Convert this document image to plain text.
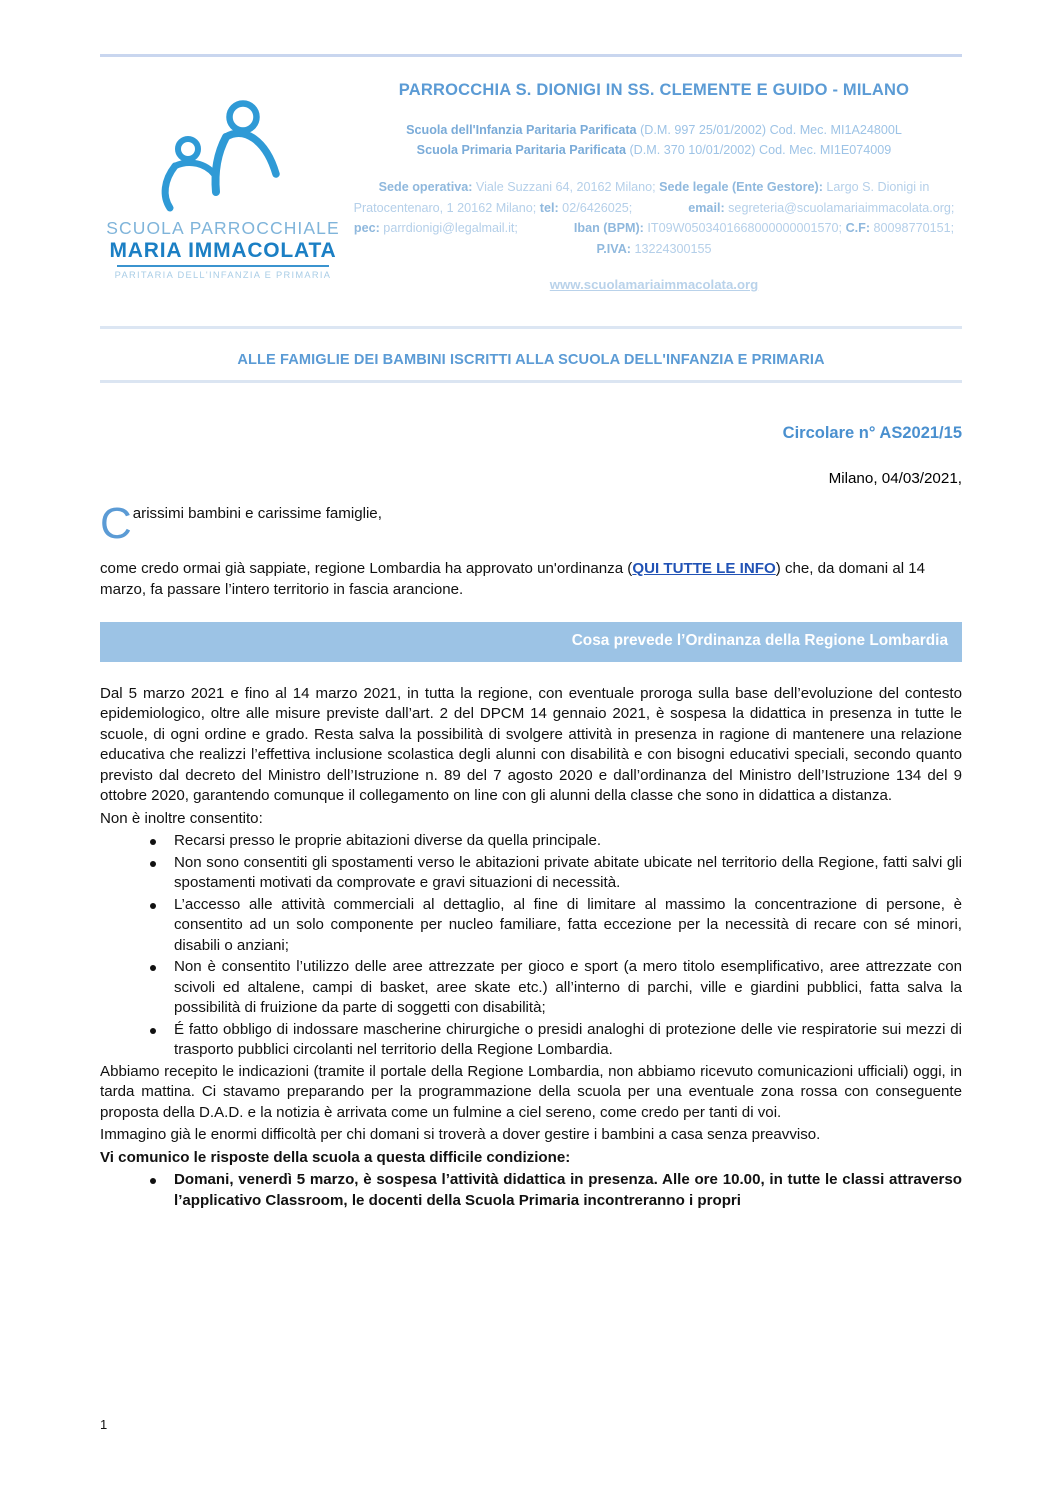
SCUOLA PARROCCHIALE
MARIA IMMACOLATA
PARITARIA DELL'INFANZIA E PRIMARIA
PARROCCHIA S. DIONIGI IN SS. CLEMENTE E GUIDO - MILANO
Scuola dell'Infanzia Paritaria Parificata (D.M. 997 25/01/2002) Cod. Mec. MI1A24800L
Scuola Primaria Paritaria Parificata (D.M. 370 10/01/2002) Cod. Mec. MI1E074009
Sede operativa: Viale Suzzani 64, 20162 Milano; Sede legale (Ente Gestore): Largo S. Dionigi in Pratocentenaro, 1 20162 Milano; tel: 02/6426025;	email: segreteria@scuolamariaimmacolata.org; pec: parrdionigi@legalmail.it;	Iban (BPM): IT09W0503401668000000001570; C.F: 80098770151; P.IVA: 13224300155
www.scuolamariaimmacolata.org
ALLE FAMIGLIE DEI BAMBINI ISCRITTI ALLA SCUOLA DELL'INFANZIA E PRIMARIA
Circolare n° AS2021/15
Milano, 04/03/2021,
Carissimi bambini e carissime famiglie,

come credo ormai già sappiate, regione Lombardia ha approvato un'ordinanza (QUI TUTTE LE INFO) che, da domani al 14 marzo, fa passare l’intero territorio in fascia arancione.

Cosa prevede l’Ordinanza della Regione Lombardia

Dal 5 marzo 2021 e fino al 14 marzo 2021, in tutta la regione, con eventuale proroga sulla base dell’evoluzione del contesto epidemiologico, oltre alle misure previste dall’art. 2 del DPCM 14 gennaio 2021, è sospesa la didattica in presenza in tutte le scuole, di ogni ordine e grado. Resta salva la possibilità di svolgere attività in presenza in ragione di mantenere una relazione educativa che realizzi l’effettiva inclusione scolastica degli alunni con disabilità e con bisogni educativi speciali, secondo quanto previsto dal decreto del Ministro dell’Istruzione n. 89 del 7 agosto 2020 e dall’ordinanza del Ministro dell’Istruzione 134 del 9 ottobre 2020, garantendo comunque il collegamento on line con gli alunni della classe che sono in didattica a distanza.

Non è inoltre consentito:

Recarsi presso le proprie abitazioni diverse da quella principale.
Non sono consentiti gli spostamenti verso le abitazioni private abitate ubicate nel territorio della Regione, fatti salvi gli spostamenti motivati da comprovate e gravi situazioni di necessità.
L’accesso alle attività commerciali al dettaglio, al fine di limitare al massimo la concentrazione di persone, è consentito ad un solo componente per nucleo familiare, fatta eccezione per la necessità di recare con sé minori, disabili o anziani;
Non è consentito l’utilizzo delle aree attrezzate per gioco e sport (a mero titolo esemplificativo, aree attrezzate con scivoli ed altalene, campi di basket, aree skate etc.) all’interno di parchi, ville e giardini pubblici, fatta salva la possibilità di fruizione da parte di soggetti con disabilità;
É fatto obbligo di indossare mascherine chirurgiche o presidi analoghi di protezione delle vie respiratorie sui mezzi di trasporto pubblici circolanti nel territorio della Regione Lombardia.

Abbiamo recepito le indicazioni (tramite il portale della Regione Lombardia, non abbiamo ricevuto comunicazioni ufficiali) oggi, in tarda mattina. Ci stavamo preparando per la programmazione della scuola per una eventuale zona rossa con conseguente proposta della D.A.D. e la notizia è arrivata come un fulmine a ciel sereno, come credo per tanti di voi.

Immagino già le enormi difficoltà per chi domani si troverà a dover gestire i bambini a casa senza preavviso.

Vi comunico le risposte della scuola a questa difficile condizione:

Domani, venerdì 5 marzo, è sospesa l’attività didattica in presenza. Alle ore 10.00, in tutte le classi attraverso l’applicativo Classroom, le docenti della Scuola Primaria incontreranno i propri
1
